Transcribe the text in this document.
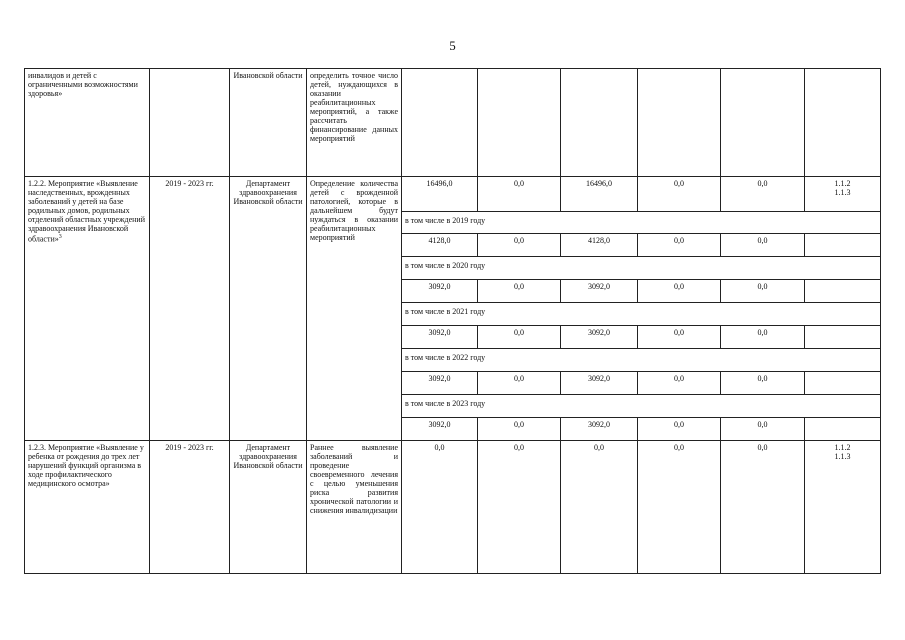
5
инвалидов и детей с ограниченными возможностями здоровья»		Ивановской области	определить точное число детей, нуждающихся в оказании реабилитационных мероприятий, а также рассчитать финансирование данных мероприятий						
1.2.2. Мероприятие «Выявление наследственных, врожденных заболеваний у детей на базе родильных домов, родильных отделений областных учреждений здравоохранения Ивановской области»$^3$	2019 - 2023 гг.	Департамент здравоохранения Ивановской области	Определение количества детей с врожденной патологией, которые в дальнейшем будут нуждаться в оказании реабилитационных мероприятий	16496,0	0,0	16496,0	0,0	0,0	1.1.2
1.1.3
				в том числе в 2019 году					
				4128,0	0,0	4128,0	0,0	0,0	
				в том числе в 2020 году					
				3092,0	0,0	3092,0	0,0	0,0	
				в том числе в 2021 году					
				3092,0	0,0	3092,0	0,0	0,0	
				в том числе в 2022 году					
				3092,0	0,0	3092,0	0,0	0,0	
				в том числе в 2023 году					
				3092,0	0,0	3092,0	0,0	0,0	
1.2.3. Мероприятие «Выявление у ребенка от рождения до трех лет нарушений функций организма в ходе профилактического медицинского осмотра»	2019 - 2023 гг.	Департамент здравоохранения Ивановской области	Раннее выявление заболеваний и проведение своевременного лечения с целью уменьшения риска развития хронической патологии и снижения инвалидизации	0,0	0,0	0,0	0,0	0,0	1.1.2
1.1.3
